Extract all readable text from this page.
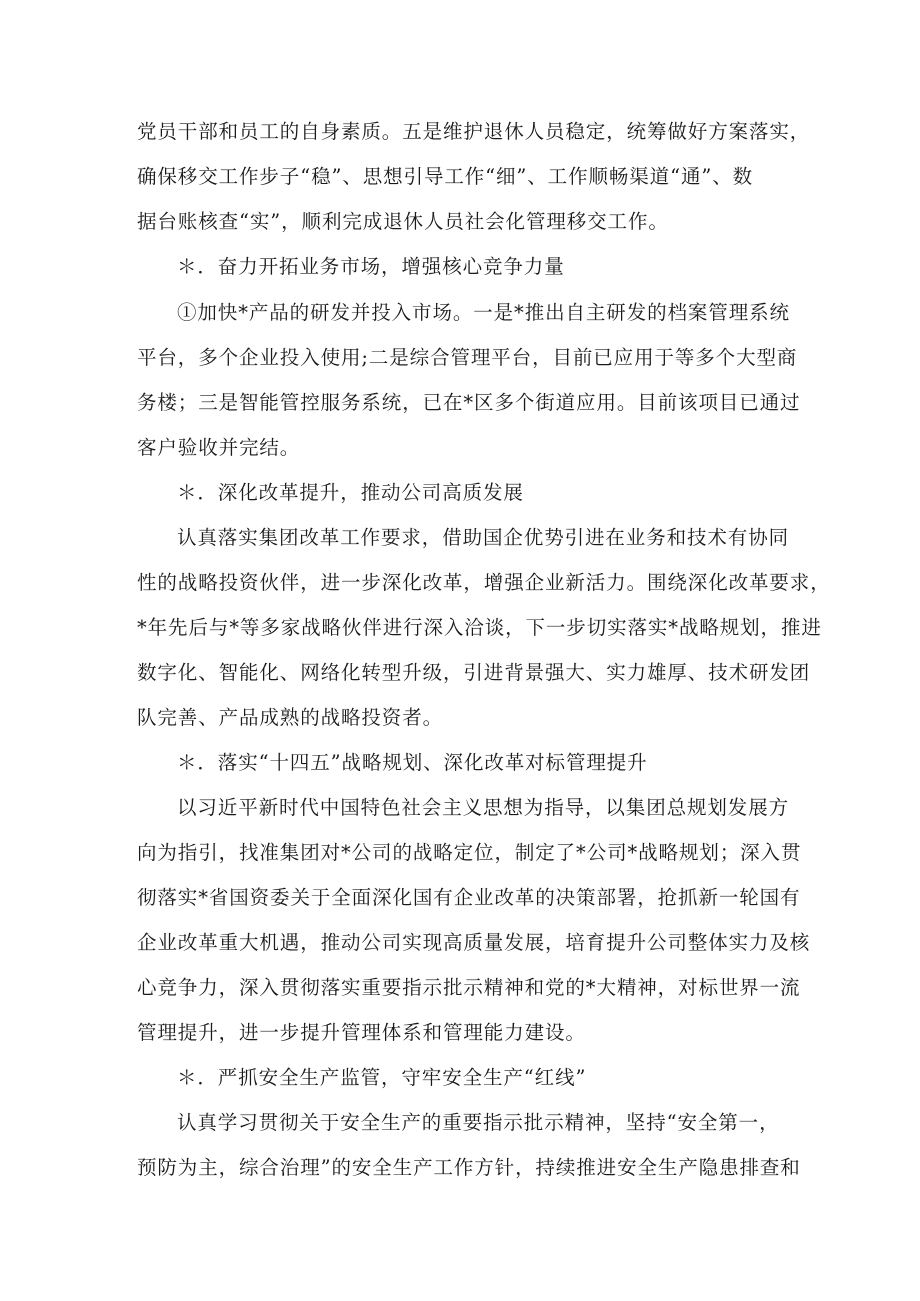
党员干部和员工的自身素质。五是维护退休人员稳定，统筹做好方案落实，
确保移交工作步子“稳”、思想引导工作“细”、工作顺畅渠道“通”、数
据台账核查“实”，顺利完成退休人员社会化管理移交工作。
＊．奋力开拓业务市场，增强核心竞争力量
①加快*产品的研发并投入市场。一是*推出自主研发的档案管理系统
平台，多个企业投入使用;二是综合管理平台，目前已应用于等多个大型商
务楼；三是智能管控服务系统，已在*区多个街道应用。目前该项目已通过
客户验收并完结。
＊．深化改革提升，推动公司高质发展
认真落实集团改革工作要求，借助国企优势引进在业务和技术有协同
性的战略投资伙伴，进一步深化改革，增强企业新活力。围绕深化改革要求，
*年先后与*等多家战略伙伴进行深入洽谈，下一步切实落实*战略规划，推进
数字化、智能化、网络化转型升级，引进背景强大、实力雄厚、技术研发团
队完善、产品成熟的战略投资者。
＊．落实“十四五”战略规划、深化改革对标管理提升
以习近平新时代中国特色社会主义思想为指导，以集团总规划发展方
向为指引，找准集团对*公司的战略定位，制定了*公司*战略规划；深入贯
彻落实*省国资委关于全面深化国有企业改革的决策部署，抢抓新一轮国有
企业改革重大机遇，推动公司实现高质量发展，培育提升公司整体实力及核
心竞争力，深入贯彻落实重要指示批示精神和党的*大精神，对标世界一流
管理提升，进一步提升管理体系和管理能力建设。
＊．严抓安全生产监管，守牢安全生产“红线”
认真学习贯彻关于安全生产的重要指示批示精神，坚持“安全第一，
预防为主，综合治理”的安全生产工作方针，持续推进安全生产隐患排查和
